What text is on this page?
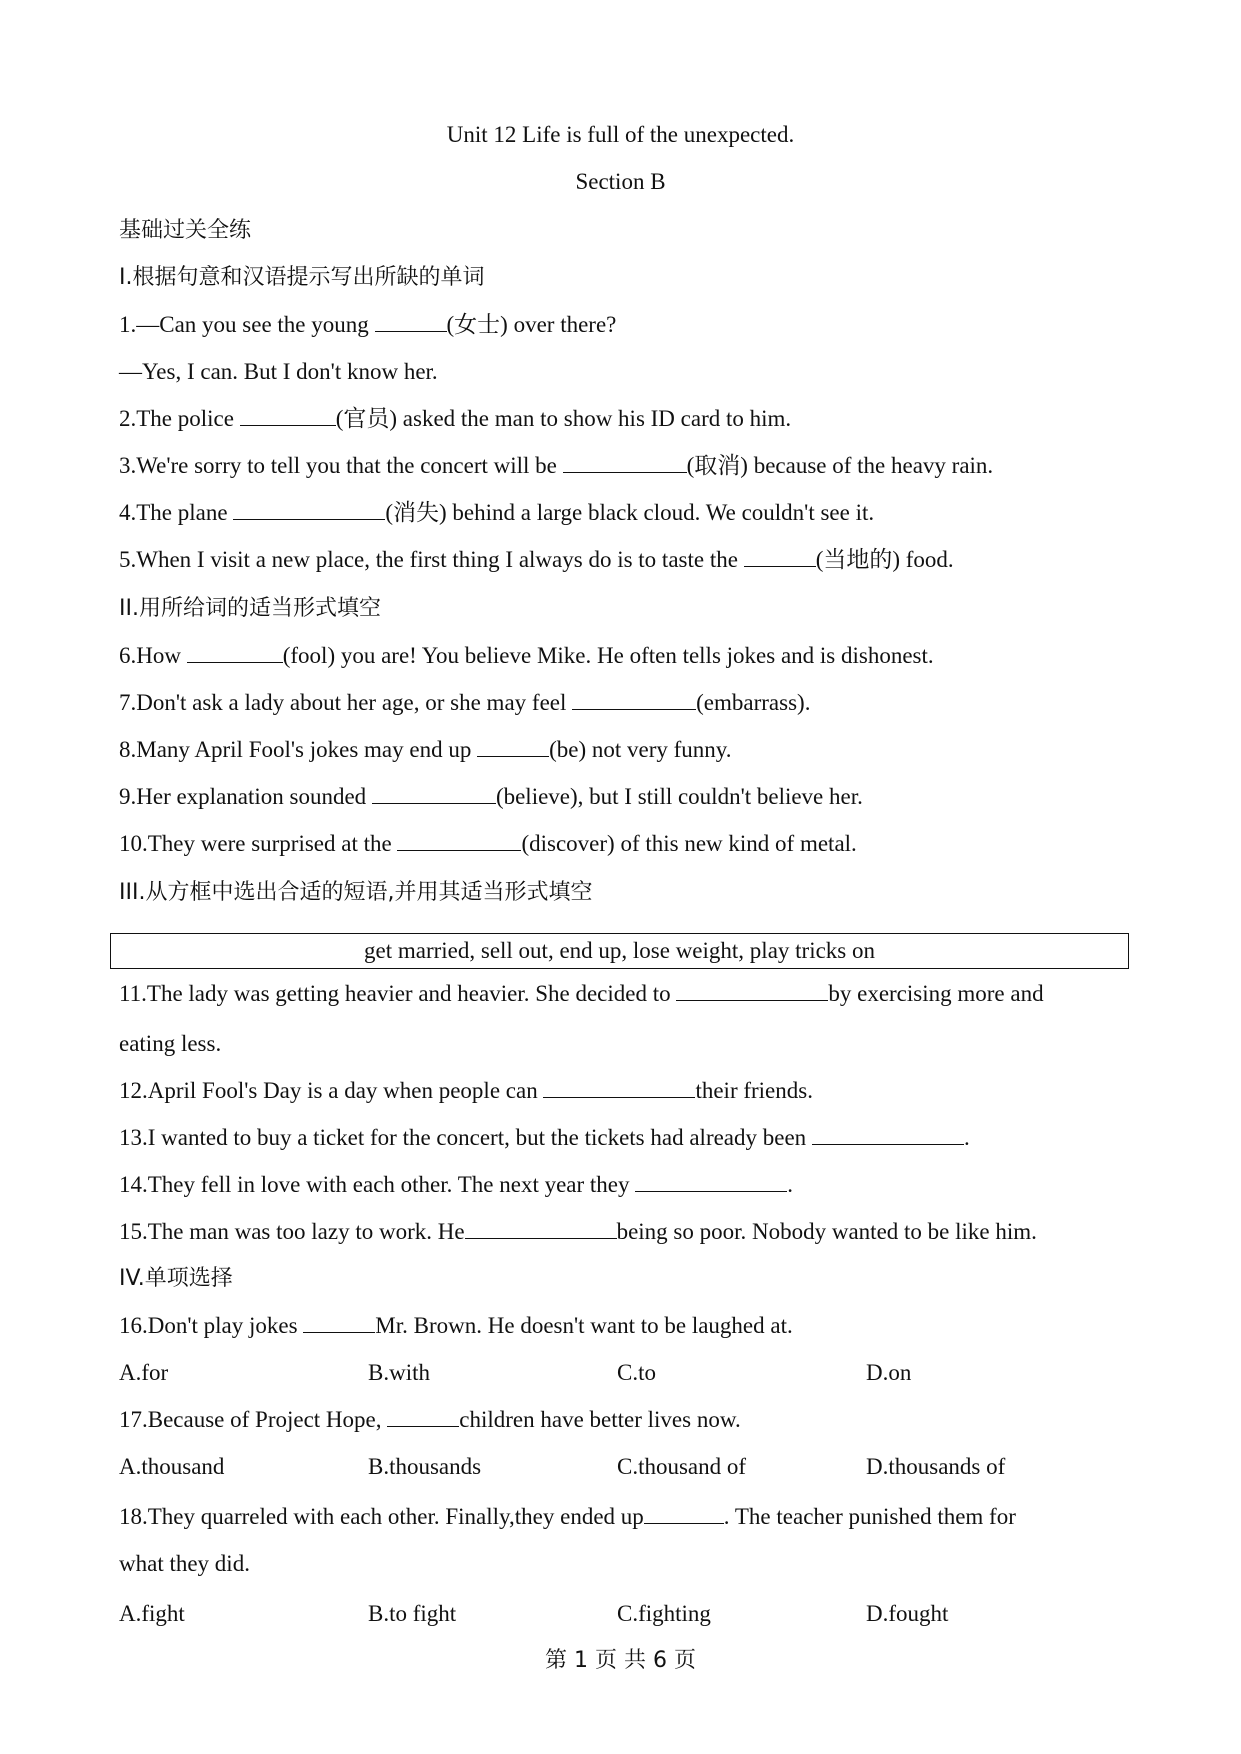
Unit 12 Life is full of the unexpected.
Section B
基础过关全练
I.根据句意和汉语提示写出所缺的单词
1.—Can you see the young	(女士) over there?
—Yes, I can. But I don't know her.
2.The police	(官员) asked the man to show his ID card to him.
3.We're sorry to tell you that the concert will be	(取消) because of the heavy rain.
4.The plane	(消失) behind a large black cloud. We couldn't see it.
5.When I visit a new place, the first thing I always do is to taste the	(当地的) food.
II.用所给词的适当形式填空
6.How	(fool) you are! You believe Mike. He often tells jokes and is dishonest.
7.Don't ask a lady about her age, or she may feel	(embarrass).
8.Many April Fool's jokes may end up	(be) not very funny.
9.Her explanation sounded	(believe), but I still couldn't believe her.
10.They were surprised at the	(discover) of this new kind of metal.
III.从方框中选出合适的短语,并用其适当形式填空
get married, sell out, end up, lose weight, play tricks on
11.The lady was getting heavier and heavier. She decided to	by exercising more and
eating less.
12.April Fool's Day is a day when people can	their friends.
13.I wanted to buy a ticket for the concert, but the tickets had already been	.
14.They fell in love with each other. The next year they	.
15.The man was too lazy to work. He	being so poor. Nobody wanted to be like him.
IV.单项选择
16.Don't play jokes	Mr. Brown. He doesn't want to be laughed at.
A.for	B.with	C.to	D.on
17.Because of Project Hope,	children have better lives now.
A.thousand	B.thousands	C.thousand of	D.thousands of
18.They quarreled with each other. Finally,they ended up	. The teacher punished them for
what they did.
A.fight	B.to fight	C.fighting	D.fought
第 1 页 共 6 页
